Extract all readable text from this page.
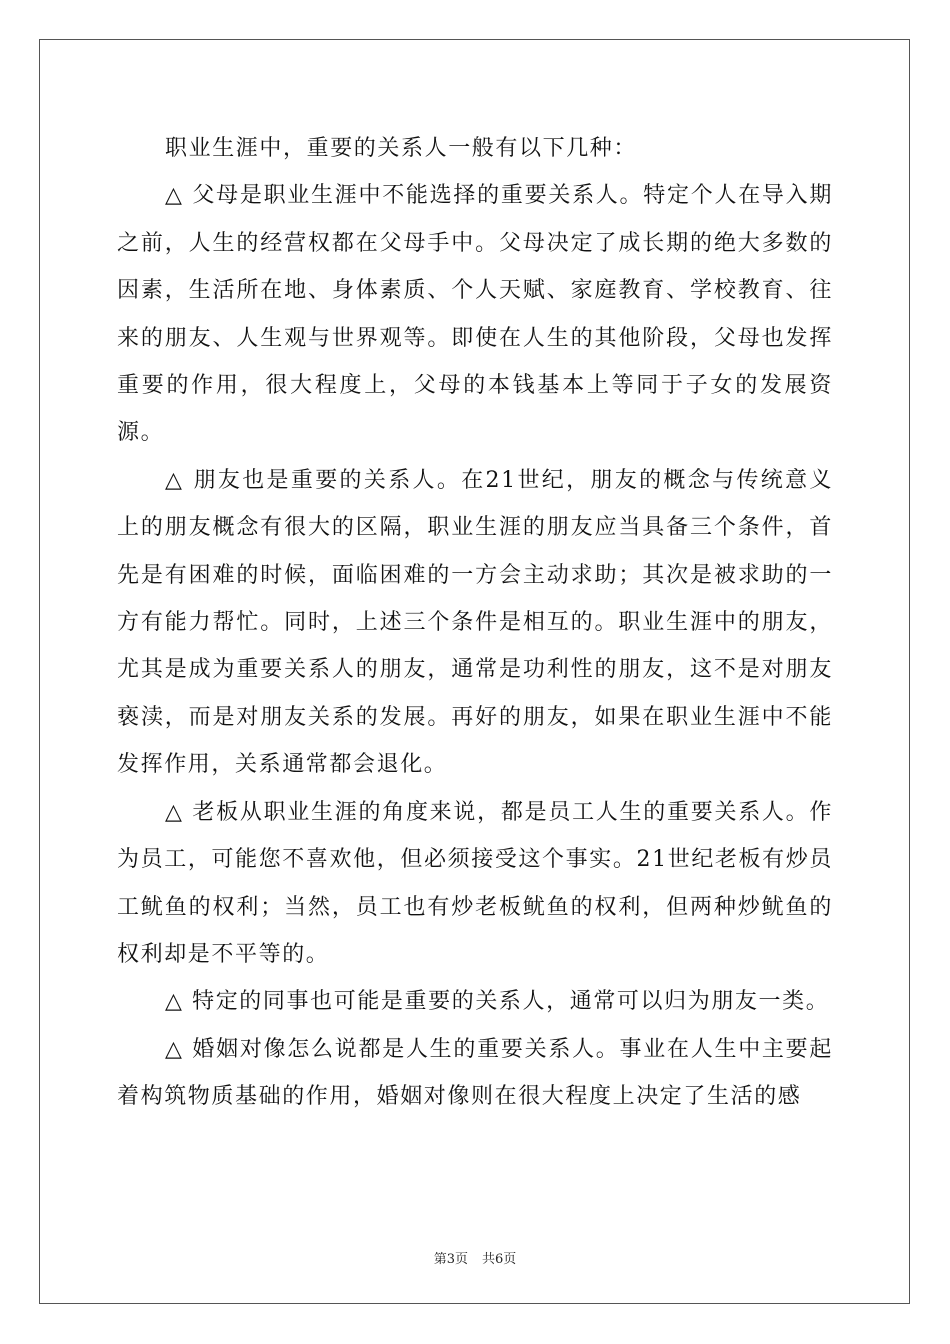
职业生涯中，重要的关系人一般有以下几种：

△ 父母是职业生涯中不能选择的重要关系人。特定个人在导入期之前，人生的经营权都在父母手中。父母决定了成长期的绝大多数的因素，生活所在地、身体素质、个人天赋、家庭教育、学校教育、往来的朋友、人生观与世界观等。即使在人生的其他阶段，父母也发挥重要的作用，很大程度上，父母的本钱基本上等同于子女的发展资源。

△ 朋友也是重要的关系人。在21世纪，朋友的概念与传统意义上的朋友概念有很大的区隔，职业生涯的朋友应当具备三个条件，首先是有困难的时候，面临困难的一方会主动求助；其次是被求助的一方有能力帮忙。同时，上述三个条件是相互的。职业生涯中的朋友，尤其是成为重要关系人的朋友，通常是功利性的朋友，这不是对朋友亵渎，而是对朋友关系的发展。再好的朋友，如果在职业生涯中不能发挥作用，关系通常都会退化。

△ 老板从职业生涯的角度来说，都是员工人生的重要关系人。作为员工，可能您不喜欢他，但必须接受这个事实。21世纪老板有炒员工鱿鱼的权利；当然，员工也有炒老板鱿鱼的权利，但两种炒鱿鱼的权利却是不平等的。

△ 特定的同事也可能是重要的关系人，通常可以归为朋友一类。

△ 婚姻对像怎么说都是人生的重要关系人。事业在人生中主要起着构筑物质基础的作用，婚姻对像则在很大程度上决定了生活的感

第3页 共6页
